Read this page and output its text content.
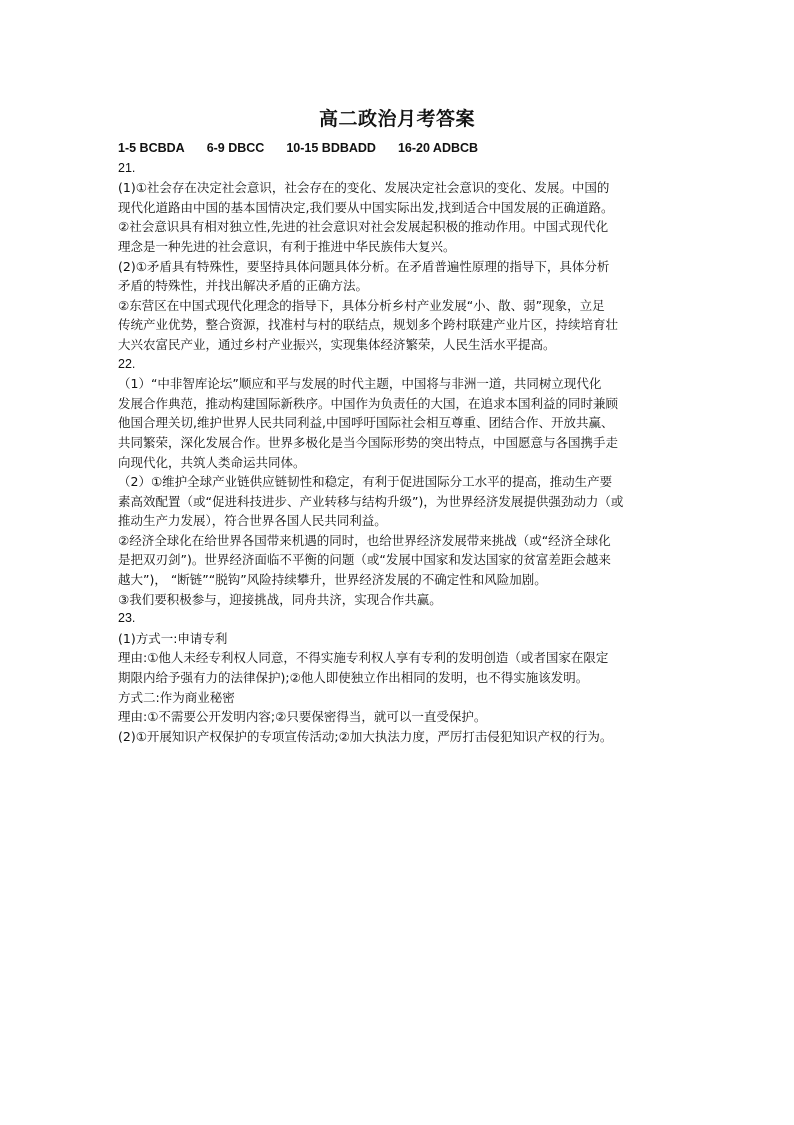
高二政治月考答案
1-5 BCBDA 6-9 DBCC 10-15 BDBADD 16-20 ADBCB
21.
(1)①社会存在决定社会意识，社会存在的变化、发展决定社会意识的变化、发展。中国的
现代化道路由中国的基本国情决定,我们要从中国实际出发,找到适合中国发展的正确道路。
②社会意识具有相对独立性,先进的社会意识对社会发展起积极的推动作用。中国式现代化
理念是一种先进的社会意识，有利于推进中华民族伟大复兴。
(2)①矛盾具有特殊性，要坚持具体问题具体分析。在矛盾普遍性原理的指导下，具体分析
矛盾的特殊性，并找出解决矛盾的正确方法。
②东营区在中国式现代化理念的指导下，具体分析乡村产业发展“小、散、弱”现象，立足
传统产业优势，整合资源，找准村与村的联结点，规划多个跨村联建产业片区，持续培育壮
大兴农富民产业，通过乡村产业振兴，实现集体经济繁荣，人民生活水平提高。
22.
（1）“中非智库论坛”顺应和平与发展的时代主题，中国将与非洲一道，共同树立现代化
发展合作典范，推动构建国际新秩序。中国作为负责任的大国，在追求本国利益的同时兼顾
他国合理关切,维护世界人民共同利益,中国呼吁国际社会相互尊重、团结合作、开放共赢、
共同繁荣，深化发展合作。世界多极化是当今国际形势的突出特点，中国愿意与各国携手走
向现代化，共筑人类命运共同体。
（2）①维护全球产业链供应链韧性和稳定，有利于促进国际分工水平的提高，推动生产要
素高效配置（或“促进科技进步、产业转移与结构升级”)，为世界经济发展提供强劲动力（或
推动生产力发展），符合世界各国人民共同利益。
②经济全球化在给世界各国带来机遇的同时，也给世界经济发展带来挑战（或“经济全球化
是把双刃剑”)。世界经济面临不平衡的问题（或“发展中国家和发达国家的贫富差距会越来
越大”)， “断链”“脱钩”风险持续攀升，世界经济发展的不确定性和风险加剧。
③我们要积极参与，迎接挑战，同舟共济，实现合作共赢。
23.
(1)方式一:申请专利
理由:①他人未经专利权人同意，不得实施专利权人享有专利的发明创造（或者国家在限定
期限内给予强有力的法律保护);②他人即使独立作出相同的发明，也不得实施该发明。
方式二:作为商业秘密
理由:①不需要公开发明内容;②只要保密得当，就可以一直受保护。
(2)①开展知识产权保护的专项宣传活动;②加大执法力度，严厉打击侵犯知识产权的行为。
